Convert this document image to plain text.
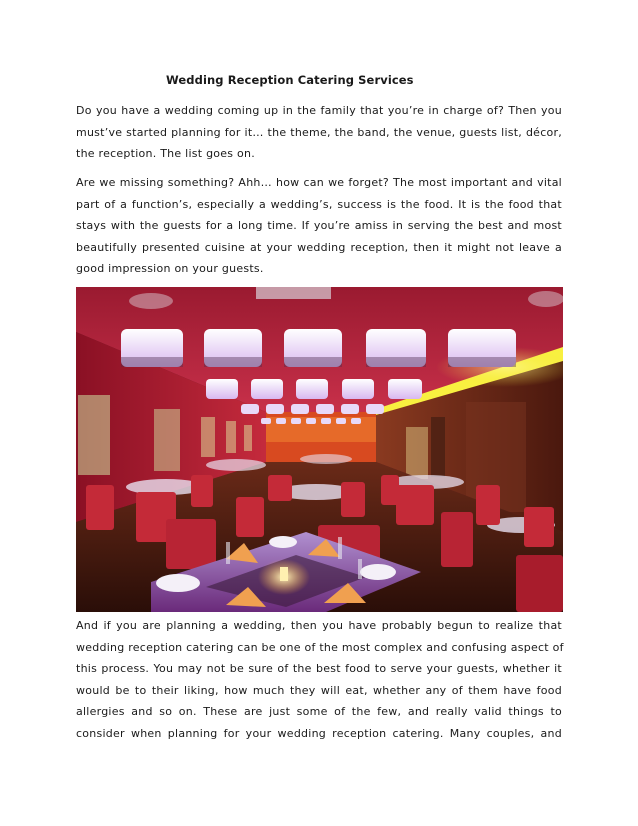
Wedding Reception Catering Services
Do you have a wedding coming up in the family that you’re in charge of? Then you
must’ve started planning for it… the theme, the band, the venue, guests list, décor,
the reception. The list goes on.
Are we missing something? Ahh… how can we forget? The most important and vital
part of a function’s, especially a wedding’s, success is the food. It is the food that
stays with the guests for a long time. If you’re amiss in serving the best and most
beautifully presented cuisine at your wedding reception, then it might not leave a
good impression on your guests.
And if you are planning a wedding, then you have probably begun to realize that
wedding reception catering can be one of the most complex and confusing aspect of
this process. You may not be sure of the best food to serve your guests, whether it
would be to their liking, how much they will eat, whether any of them have food
allergies and so on. These are just some of the few, and really valid things to
consider when planning for your wedding reception catering. Many couples, and
